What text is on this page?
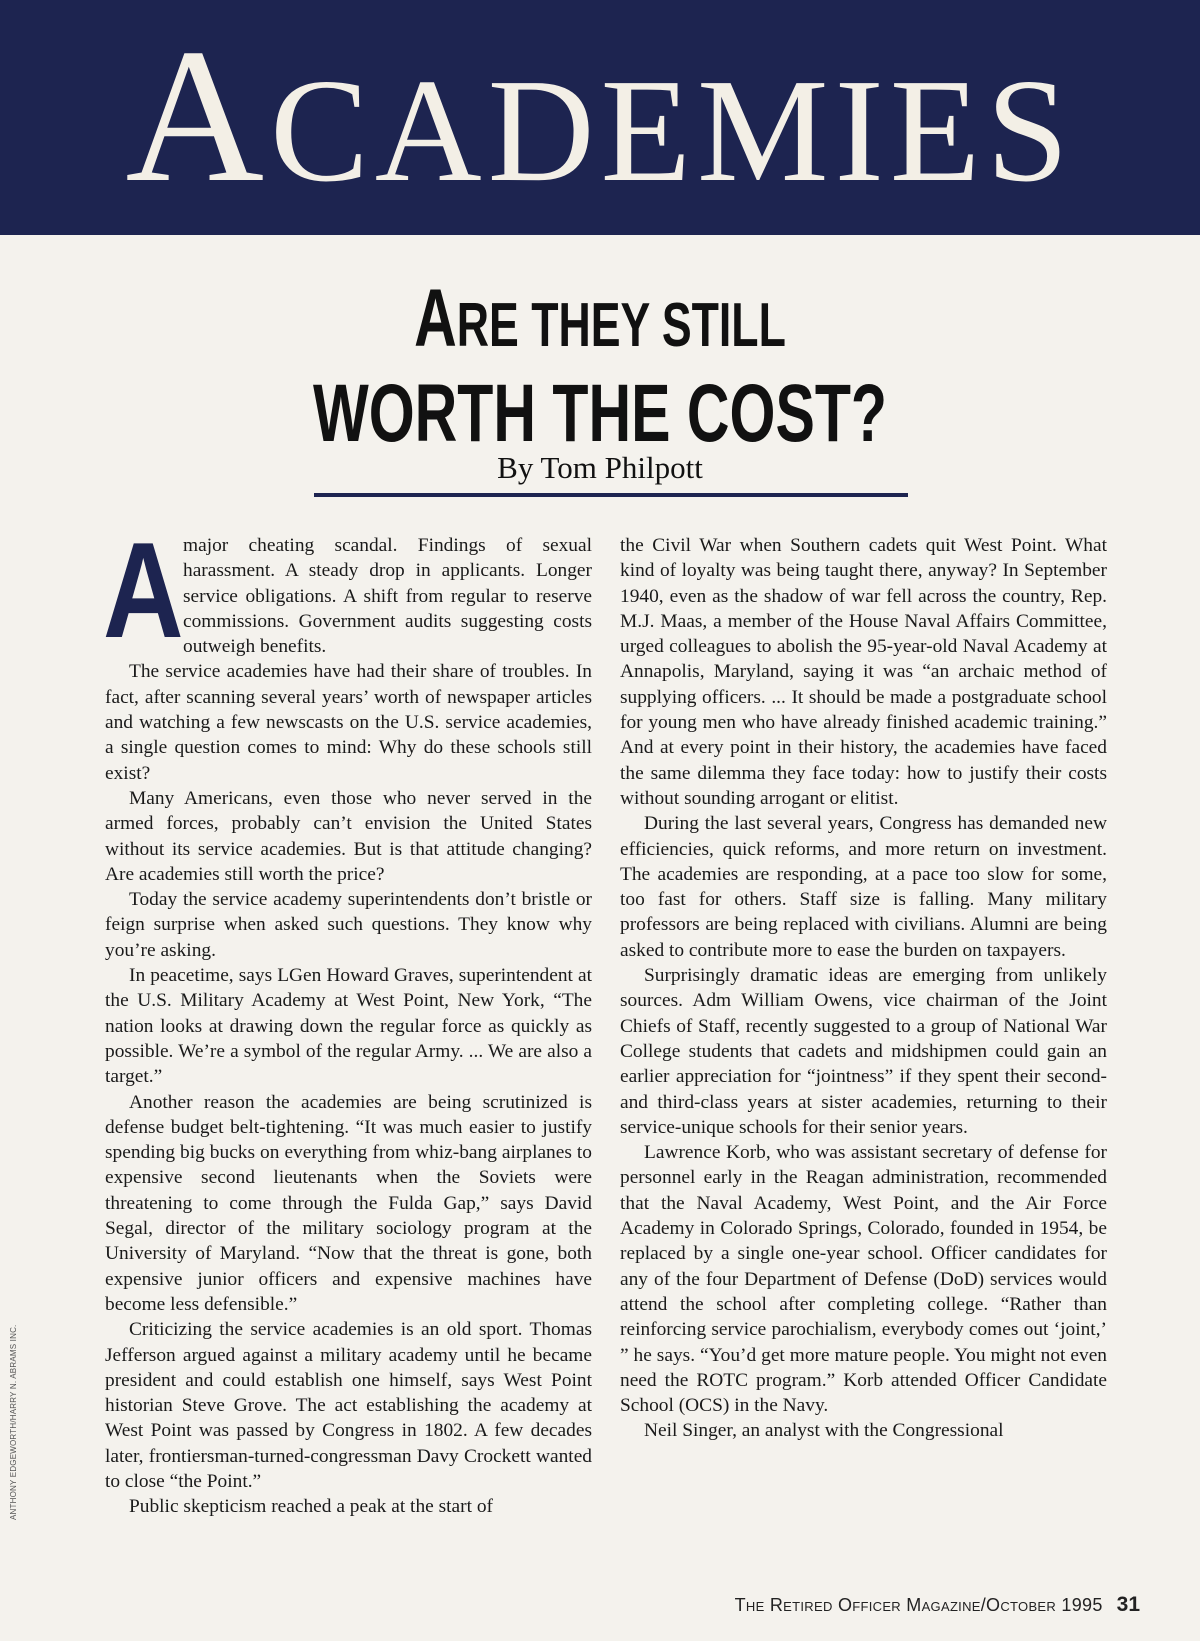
ACADEMIES
ARE THEY STILL
WORTH THE COST?
By Tom Philpott

Amajor cheating scandal. Findings of sexual harassment. A steady drop in applicants. Longer service obligations. A shift from regular to reserve commissions. Government audits suggesting costs outweigh benefits.

The service academies have had their share of troubles. In fact, after scanning several years’ worth of newspaper articles and watching a few newscasts on the U.S. service academies, a single question comes to mind: Why do these schools still exist?

Many Americans, even those who never served in the armed forces, probably can’t envision the United States without its service academies. But is that attitude changing? Are academies still worth the price?

Today the service academy superintendents don’t bristle or feign surprise when asked such questions. They know why you’re asking.

In peacetime, says LGen Howard Graves, superintendent at the U.S. Military Academy at West Point, New York, “The nation looks at drawing down the regular force as quickly as possible. We’re a symbol of the regular Army. ... We are also a target.”

Another reason the academies are being scrutinized is defense budget belt-tightening. “It was much easier to justify spending big bucks on everything from whiz-bang airplanes to expensive second lieutenants when the Soviets were threatening to come through the Fulda Gap,” says David Segal, director of the military sociology program at the University of Maryland. “Now that the threat is gone, both expensive junior officers and expensive machines have become less defensible.”

Criticizing the service academies is an old sport. Thomas Jefferson argued against a military academy until he became president and could establish one himself, says West Point historian Steve Grove. The act establishing the academy at West Point was passed by Congress in 1802. A few decades later, frontiersman-turned-congressman Davy Crockett wanted to close “the Point.”

Public skepticism reached a peak at the start of

the Civil War when Southern cadets quit West Point. What kind of loyalty was being taught there, anyway? In September 1940, even as the shadow of war fell across the country, Rep. M.J. Maas, a member of the House Naval Affairs Committee, urged colleagues to abolish the 95-year-old Naval Academy at Annapolis, Maryland, saying it was “an archaic method of supplying officers. ... It should be made a postgraduate school for young men who have already finished academic training.” And at every point in their history, the academies have faced the same dilemma they face today: how to justify their costs without sounding arrogant or elitist.

During the last several years, Congress has demanded new efficiencies, quick reforms, and more return on investment. The academies are responding, at a pace too slow for some, too fast for others. Staff size is falling. Many military professors are being replaced with civilians. Alumni are being asked to contribute more to ease the burden on taxpayers.

Surprisingly dramatic ideas are emerging from unlikely sources. Adm William Owens, vice chairman of the Joint Chiefs of Staff, recently suggested to a group of National War College students that cadets and midshipmen could gain an earlier appreciation for “jointness” if they spent their second- and third-class years at sister academies, returning to their service-unique schools for their senior years.

Lawrence Korb, who was assistant secretary of defense for personnel early in the Reagan administration, recommended that the Naval Academy, West Point, and the Air Force Academy in Colorado Springs, Colorado, founded in 1954, be replaced by a single one-year school. Officer candidates for any of the four Department of Defense (DoD) services would attend the school after completing college. “Rather than reinforcing service parochialism, everybody comes out ‘joint,’ ” he says. “You’d get more mature people. You might not even need the ROTC program.” Korb attended Officer Candidate School (OCS) in the Navy.

Neil Singer, an analyst with the Congressional

The Retired Officer Magazine/October 1995 31
ANTHONY EDGEWORTH/HARRY N. ABRAMS INC.
